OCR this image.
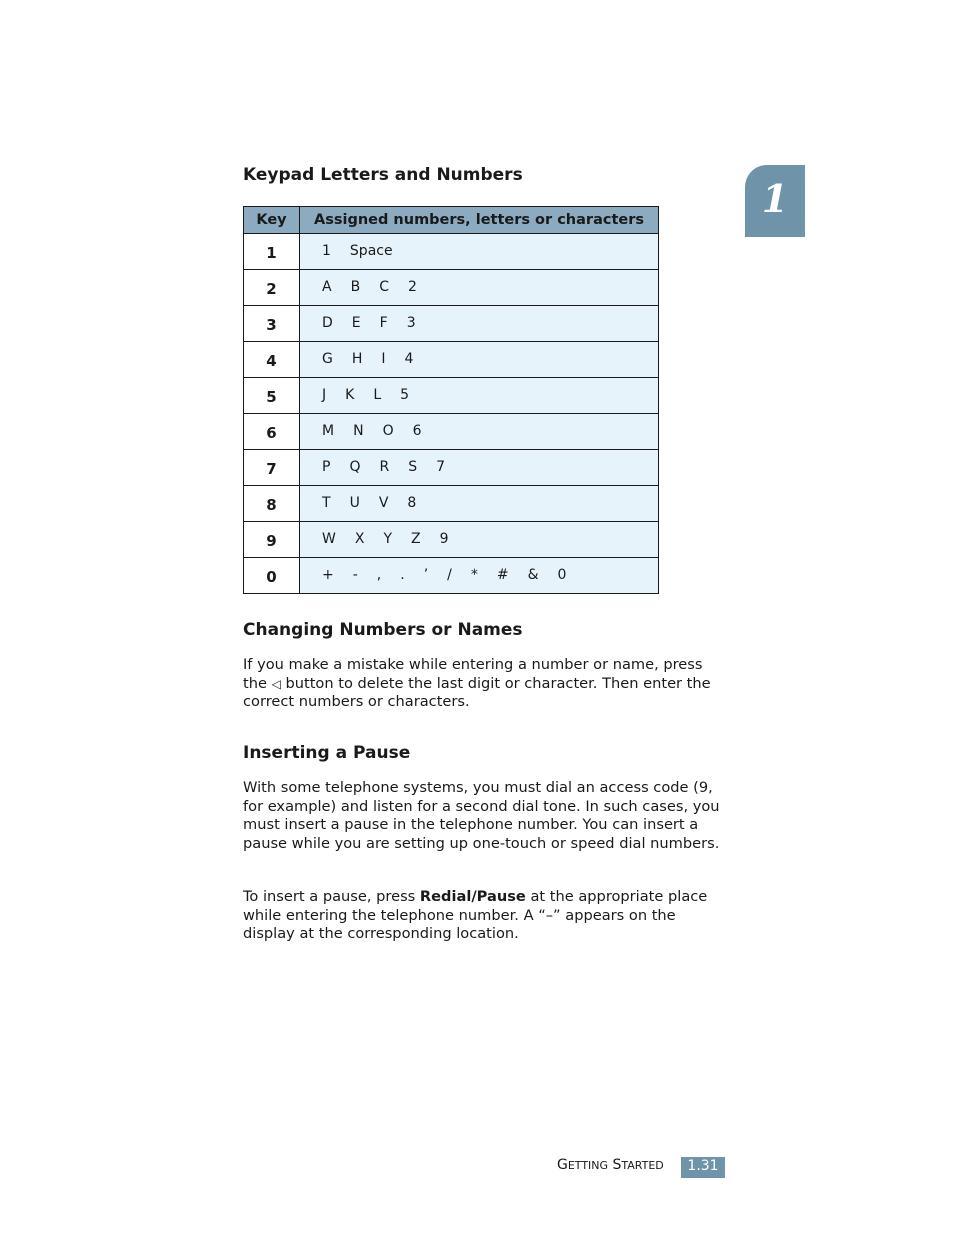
1
Keypad Letters and Numbers
Key	Assigned numbers, letters or characters
1	1 Space
2	A B C 2
3	D E F 3
4	G H I 4
5	J K L 5
6	M N O 6
7	P Q R S 7
8	T U V 8
9	W X Y Z 9
0	+ - , . ’ / * # & 0
Changing Numbers or Names

If you make a mistake while entering a number or name, press the ◁ button to delete the last digit or character. Then enter the correct numbers or characters.

Inserting a Pause

With some telephone systems, you must dial an access code (9, for example) and listen for a second dial tone. In such cases, you must insert a pause in the telephone number. You can insert a pause while you are setting up one-touch or speed dial numbers.

To insert a pause, press Redial/Pause at the appropriate place while entering the telephone number. A “–” appears on the display at the corresponding location.

GETTING STARTED	1.31
